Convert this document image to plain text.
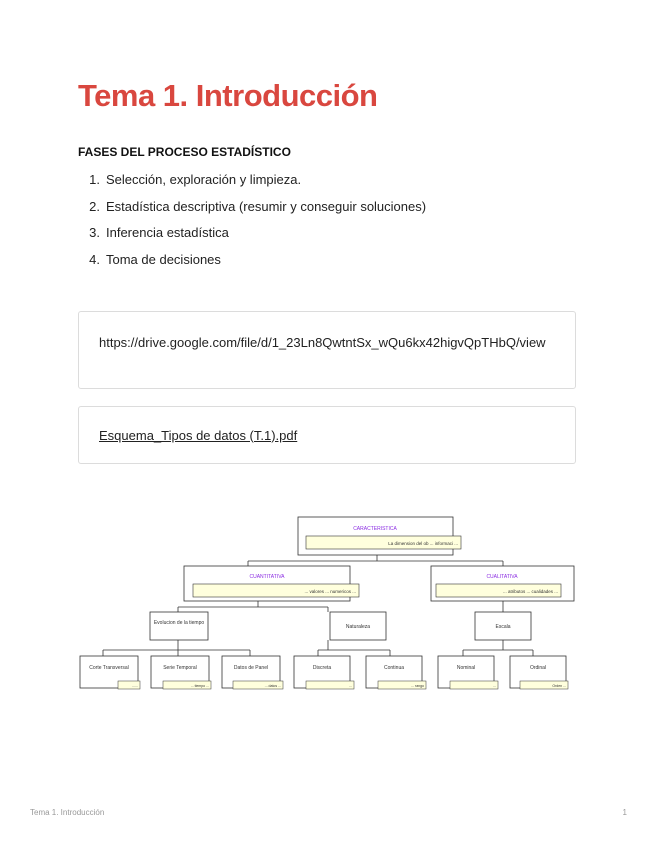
Tema 1. Introducción
FASES DEL PROCESO ESTADÍSTICO
1. Selección, exploración y limpieza.
2. Estadística descriptiva (resumir y conseguir soluciones)
3. Inferencia estadística
4. Toma de decisiones
https://drive.google.com/file/d/1_23Ln8QwtntSx_wQu6kx42higvQpTHbQ/view
Esquema_Tipos de datos (T.1).pdf
CARACTERISTICA
La dimension del ob ... informaci ...
CUANTITATIVA
... valores ... numericos ...
CUALITATIVA
... atributos ... cualidades ...
Evolucion de la tiempo
Naturaleza	Escala
Corte Transversal
......
Serie Temporal
... tiempo ...
Datos de Panel
... datos ...
Discreta
...
Continua
... rango
Nominal
...
Ordinal
Orden ...
Tema 1. Introducción	1
